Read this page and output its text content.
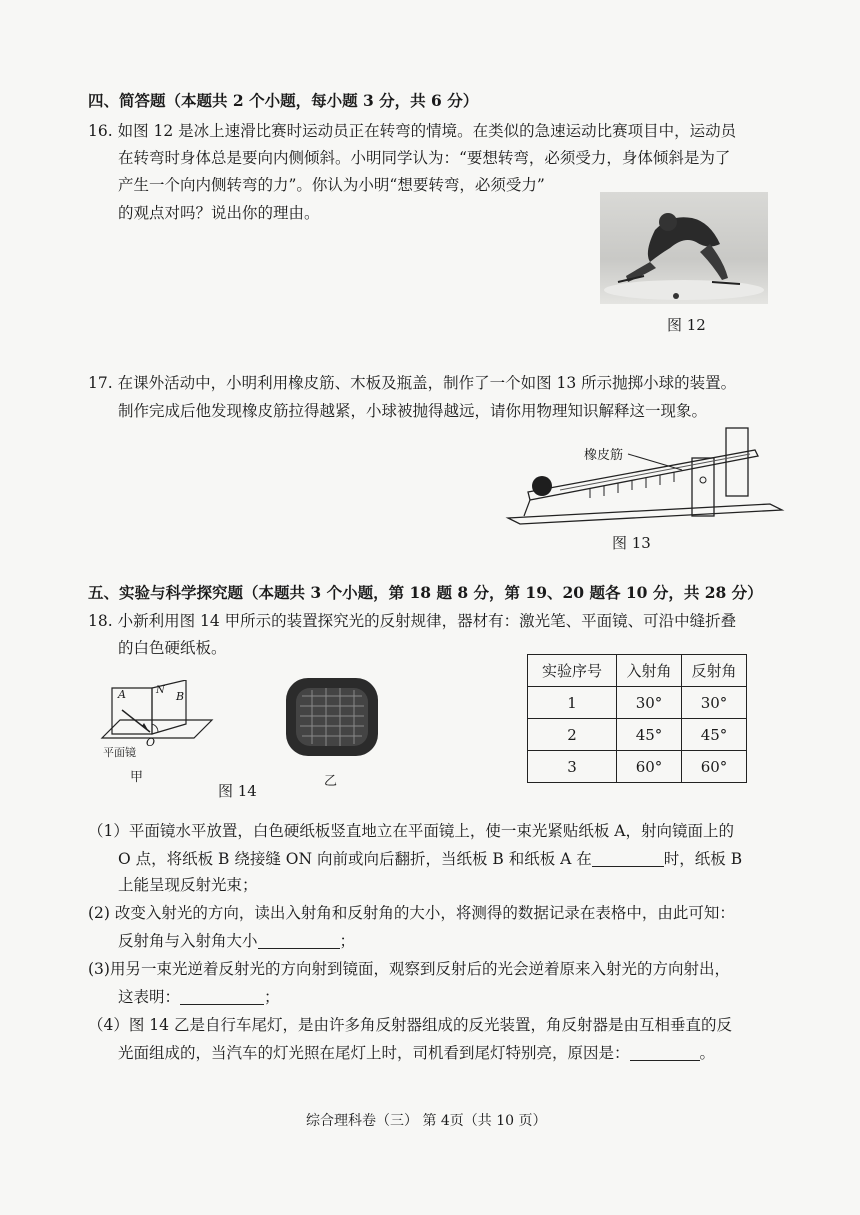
四、简答题（本题共 2 个小题，每小题 3 分，共 6 分）
16. 如图 12 是冰上速滑比赛时运动员正在转弯的情境。在类似的急速运动比赛项目中，运动员
在转弯时身体总是要向内侧倾斜。小明同学认为：“要想转弯，必须受力，身体倾斜是为了
产生一个向内侧转弯的力”。你认为小明“想要转弯，必须受力”
的观点对吗？说出你的理由。
图 12
17. 在课外活动中，小明利用橡皮筋、木板及瓶盖，制作了一个如图 13 所示抛掷小球的装置。
制作完成后他发现橡皮筋拉得越紧，小球被抛得越远，请你用物理知识解释这一现象。
橡皮筋
图 13
五、实验与科学探究题（本题共 3 个小题，第 18 题 8 分，第 19、20 题各 10 分，共 28 分）
18. 小新利用图 14 甲所示的装置探究光的反射规律，器材有：激光笔、平面镜、可沿中缝折叠
的白色硬纸板。
A	N B
O
平面镜
甲
图 14
乙
实验序号	入射角	反射角
1	30°	30°
2	45°	45°
3	60°	60°
（1）平面镜水平放置，白色硬纸板竖直地立在平面镜上，使一束光紧贴纸板 A，射向镜面上的
O 点，将纸板 B 绕接缝 ON 向前或向后翻折，当纸板 B 和纸板 A 在	时，纸板 B
上能呈现反射光束；
(2) 改变入射光的方向，读出入射角和反射角的大小，将测得的数据记录在表格中，由此可知：
反射角与入射角大小	；
(3)用另一束光逆着反射光的方向射到镜面，观察到反射后的光会逆着原来入射光的方向射出，
这表明：	；
（4）图 14 乙是自行车尾灯，是由许多角反射器组成的反光装置，角反射器是由互相垂直的反
光面组成的，当汽车的灯光照在尾灯上时，司机看到尾灯特别亮，原因是：	。
综合理科卷（三） 第 4页（共 10 页）
